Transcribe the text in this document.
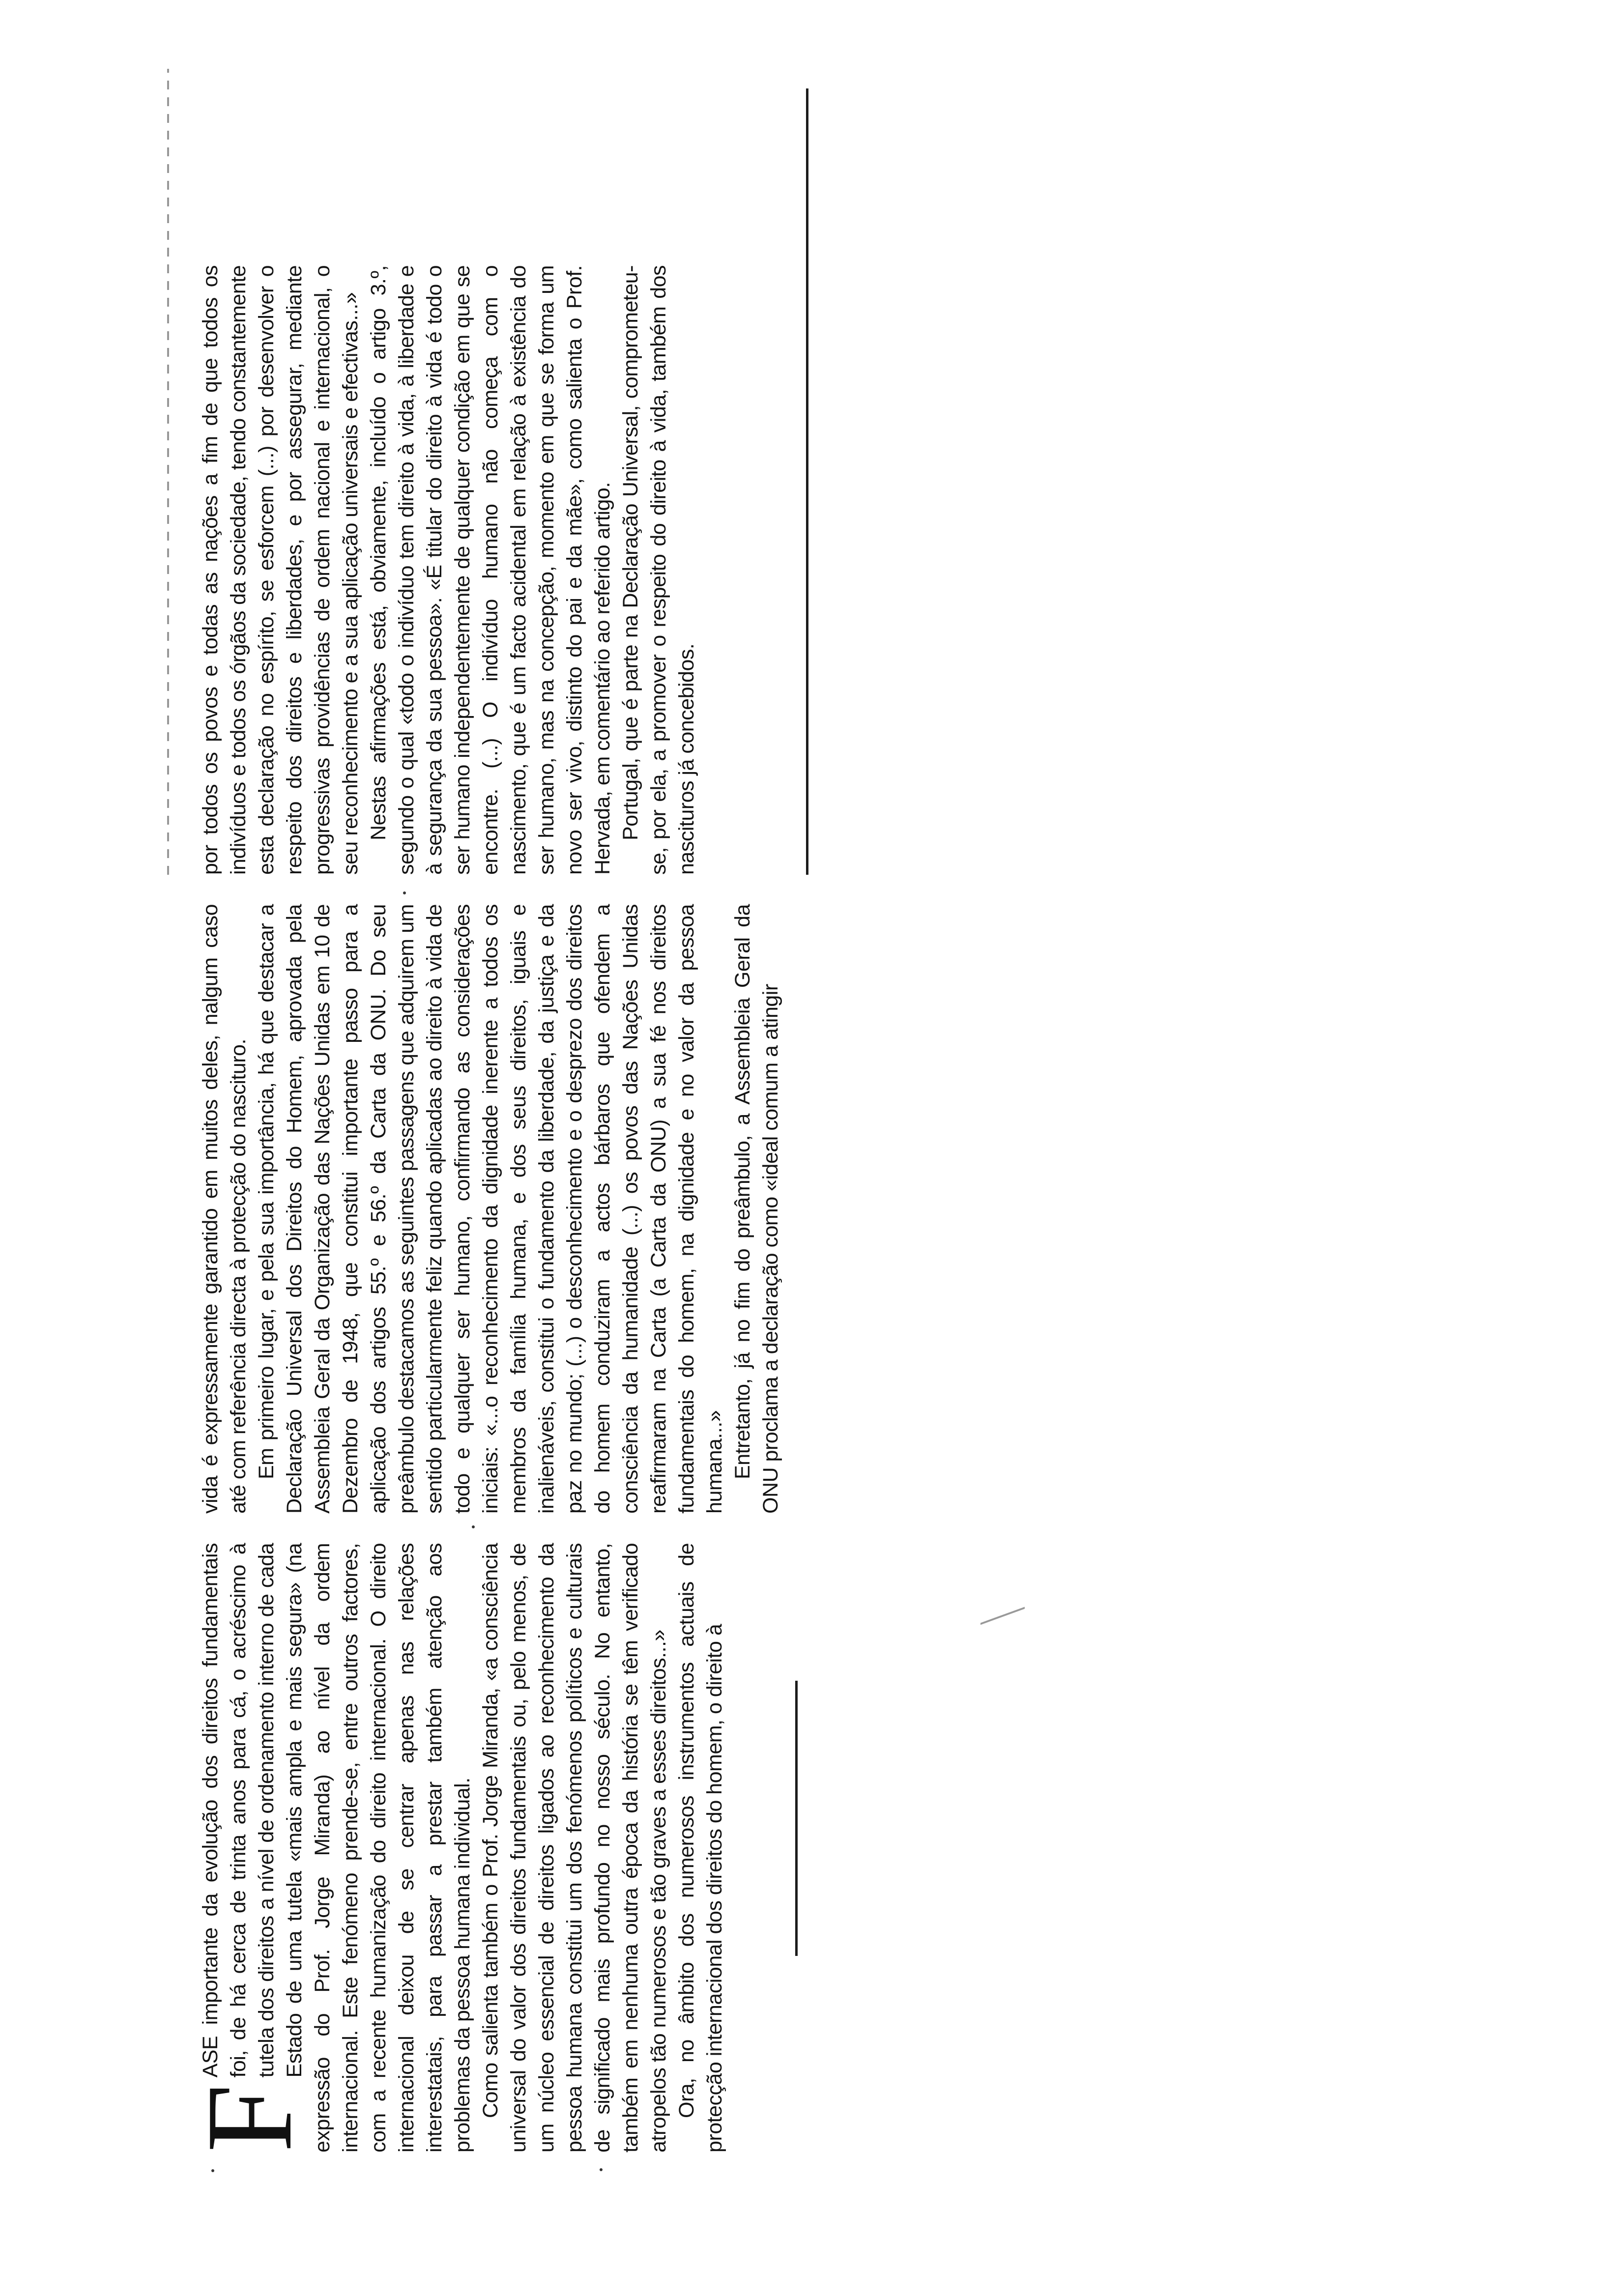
F
ASE importante da evolução dos direitos fundamentais foi, de há cerca de trinta anos para cá, o acréscimo à tutela dos direitos a nível de ordenamento interno de cada Estado de uma tutela «mais ampla e mais segura» (na expressão do Prof. Jorge Miranda) ao nível da ordem internacional. Este fenómeno prende-se, entre outros factores, com a recente humanização do direito internacional. O direito internacional deixou de se centrar apenas nas relações interestatais, para passar a prestar também atenção aos problemas da pessoa humana individual. Como salienta também o Prof. Jorge Miranda, «a consciência universal do valor dos direitos fundamentais ou, pelo menos, de um núcleo essencial de direitos ligados ao reconhecimento da pessoa humana constitui um dos fenómenos políticos e culturais de significado mais profundo no nosso século. No entanto, também em nenhuma outra época da história se têm verificado atropelos tão numerosos e tão graves a esses direitos...» Ora, no âmbito dos numerosos instrumentos actuais de protecção internacional dos direitos do homem, o direito à

vida é expressamente garantido em muitos deles, nalgum caso até com referência directa à protecção do nascituro. Em primeiro lugar, e pela sua importância, há que destacar a Declaração Universal dos Direitos do Homem, aprovada pela Assembleia Geral da Organização das Nações Unidas em 10 de Dezembro de 1948, que constitui importante passo para a aplicação dos artigos 55.º e 56.º da Carta da ONU. Do seu preâmbulo destacamos as seguintes passagens que adquirem um sentido particularmente feliz quando aplicadas ao direito à vida de todo e qualquer ser humano, confirmando as considerações iniciais: «...o reconhecimento da dignidade inerente a todos os membros da família humana, e dos seus direitos, iguais e inalienáveis, constitui o fundamento da liberdade, da justiça e da paz no mundo; (...) o desconhecimento e o desprezo dos direitos do homem conduziram a actos bárbaros que ofendem a consciência da humanidade (...) os povos das Nações Unidas reafirmaram na Carta (a Carta da ONU) a sua fé nos direitos fundamentais do homem, na dignidade e no valor da pessoa humana...» Entretanto, já no fim do preâmbulo, a Assembleia Geral da ONU proclama a declaração como «ideal comum a atingir

por todos os povos e todas as nações a fim de que todos os indivíduos e todos os órgãos da sociedade, tendo constantemente esta declaração no espírito, se esforcem (...) por desenvolver o respeito dos direitos e liberdades, e por assegurar, mediante progressivas providências de ordem nacional e internacional, o seu reconhecimento e a sua aplicação universais e efectivas...» Nestas afirmações está, obviamente, incluído o artigo 3.º, segundo o qual «todo o indivíduo tem direito à vida, à liberdade e à segurança da sua pessoa». «É titular do direito à vida é todo o ser humano independentemente de qualquer condição em que se encontre. (...) O indivíduo humano não começa com o nascimento, que é um facto acidental em relação à existência do ser humano, mas na concepção, momento em que se forma um novo ser vivo, distinto do pai e da mãe», como salienta o Prof. Hervada, em comentário ao referido artigo. Portugal, que é parte na Declaração Universal, comprometeu-se, por ela, a promover o respeito do direito à vida, também dos nascituros já concebidos.
